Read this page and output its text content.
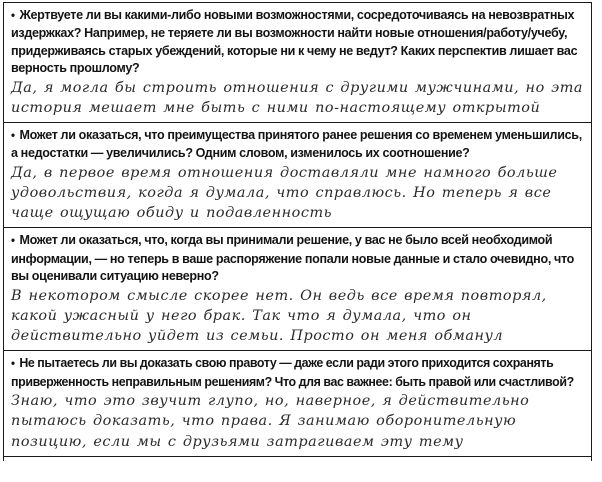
• Жертвуете ли вы какими-либо новыми возможностями, сосредоточиваясь на невозвратных издержках? Например, не теряете ли вы возможности найти новые отношения/работу/учебу, придерживаясь старых убеждений, которые ни к чему не ведут? Каких перспектив лишает вас верность прошлому?

Да, я могла бы строить отношения с другими мужчинами, но эта история мешает мне быть с ними по-настоящему открытой

• Может ли оказаться, что преимущества принятого ранее решения со временем уменьшились, а недостатки — увеличились? Одним словом, изменилось их соотношение?

Да, в первое время отношения доставляли мне намного больше удовольствия, когда я думала, что справлюсь. Но теперь я все чаще ощущаю обиду и подавленность

• Может ли оказаться, что, когда вы принимали решение, у вас не было всей необходимой информации, — но теперь в ваше распоряжение попали новые данные и стало очевидно, что вы оценивали ситуацию неверно?

В некотором смысле скорее нет. Он ведь все время повторял, какой ужасный у него брак. Так что я думала, что он действительно уйдет из семьи. Просто он меня обманул

• Не пытаетесь ли вы доказать свою правоту — даже если ради этого приходится сохранять приверженность неправильным решениям? Что для вас важнее: быть правой или счастливой?

Знаю, что это звучит глупо, но, наверное, я действительно пытаюсь доказать, что права. Я занимаю оборонительную позицию, если мы с друзьями затрагиваем эту тему
